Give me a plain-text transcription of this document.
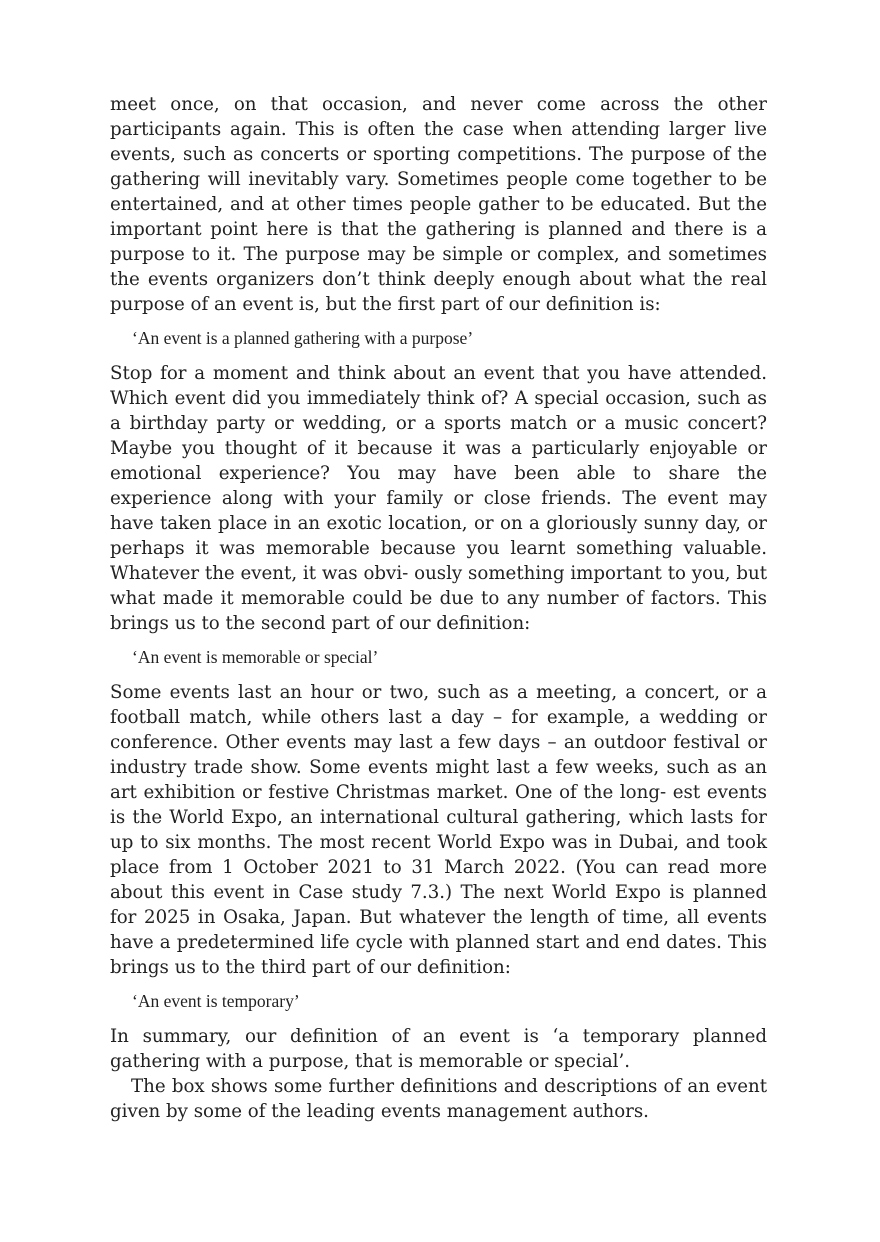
meet once, on that occasion, and never come across the other participants again. This is often the case when attending larger live events, such as concerts or sporting competitions. The purpose of the gathering will inevitably vary. Sometimes people come together to be entertained, and at other times people gather to be educated. But the important point here is that the gathering is planned and there is a purpose to it. The purpose may be simple or complex, and sometimes the events organizers don’t think deeply enough about what the real purpose of an event is, but the first part of our definition is:

‘An event is a planned gathering with a purpose’

Stop for a moment and think about an event that you have attended. Which event did you immediately think of? A special occasion, such as a birthday party or wedding, or a sports match or a music concert? Maybe you thought of it because it was a particularly enjoyable or emotional experience? You may have been able to share the experience along with your family or close friends. The event may have taken place in an exotic location, or on a gloriously sunny day, or perhaps it was memorable because you learnt something valuable. Whatever the event, it was obvi- ously something important to you, but what made it memorable could be due to any number of factors. This brings us to the second part of our definition:

‘An event is memorable or special’

Some events last an hour or two, such as a meeting, a concert, or a football match, while others last a day – for example, a wedding or conference. Other events may last a few days – an outdoor festival or industry trade show. Some events might last a few weeks, such as an art exhibition or festive Christmas market. One of the long- est events is the World Expo, an international cultural gathering, which lasts for up to six months. The most recent World Expo was in Dubai, and took place from 1 October 2021 to 31 March 2022. (You can read more about this event in Case study 7.3.) The next World Expo is planned for 2025 in Osaka, Japan. But whatever the length of time, all events have a predetermined life cycle with planned start and end dates. This brings us to the third part of our definition:

‘An event is temporary’

In summary, our definition of an event is ‘a temporary planned gathering with a purpose, that is memorable or special’.

The box shows some further definitions and descriptions of an event given by some of the leading events management authors.
